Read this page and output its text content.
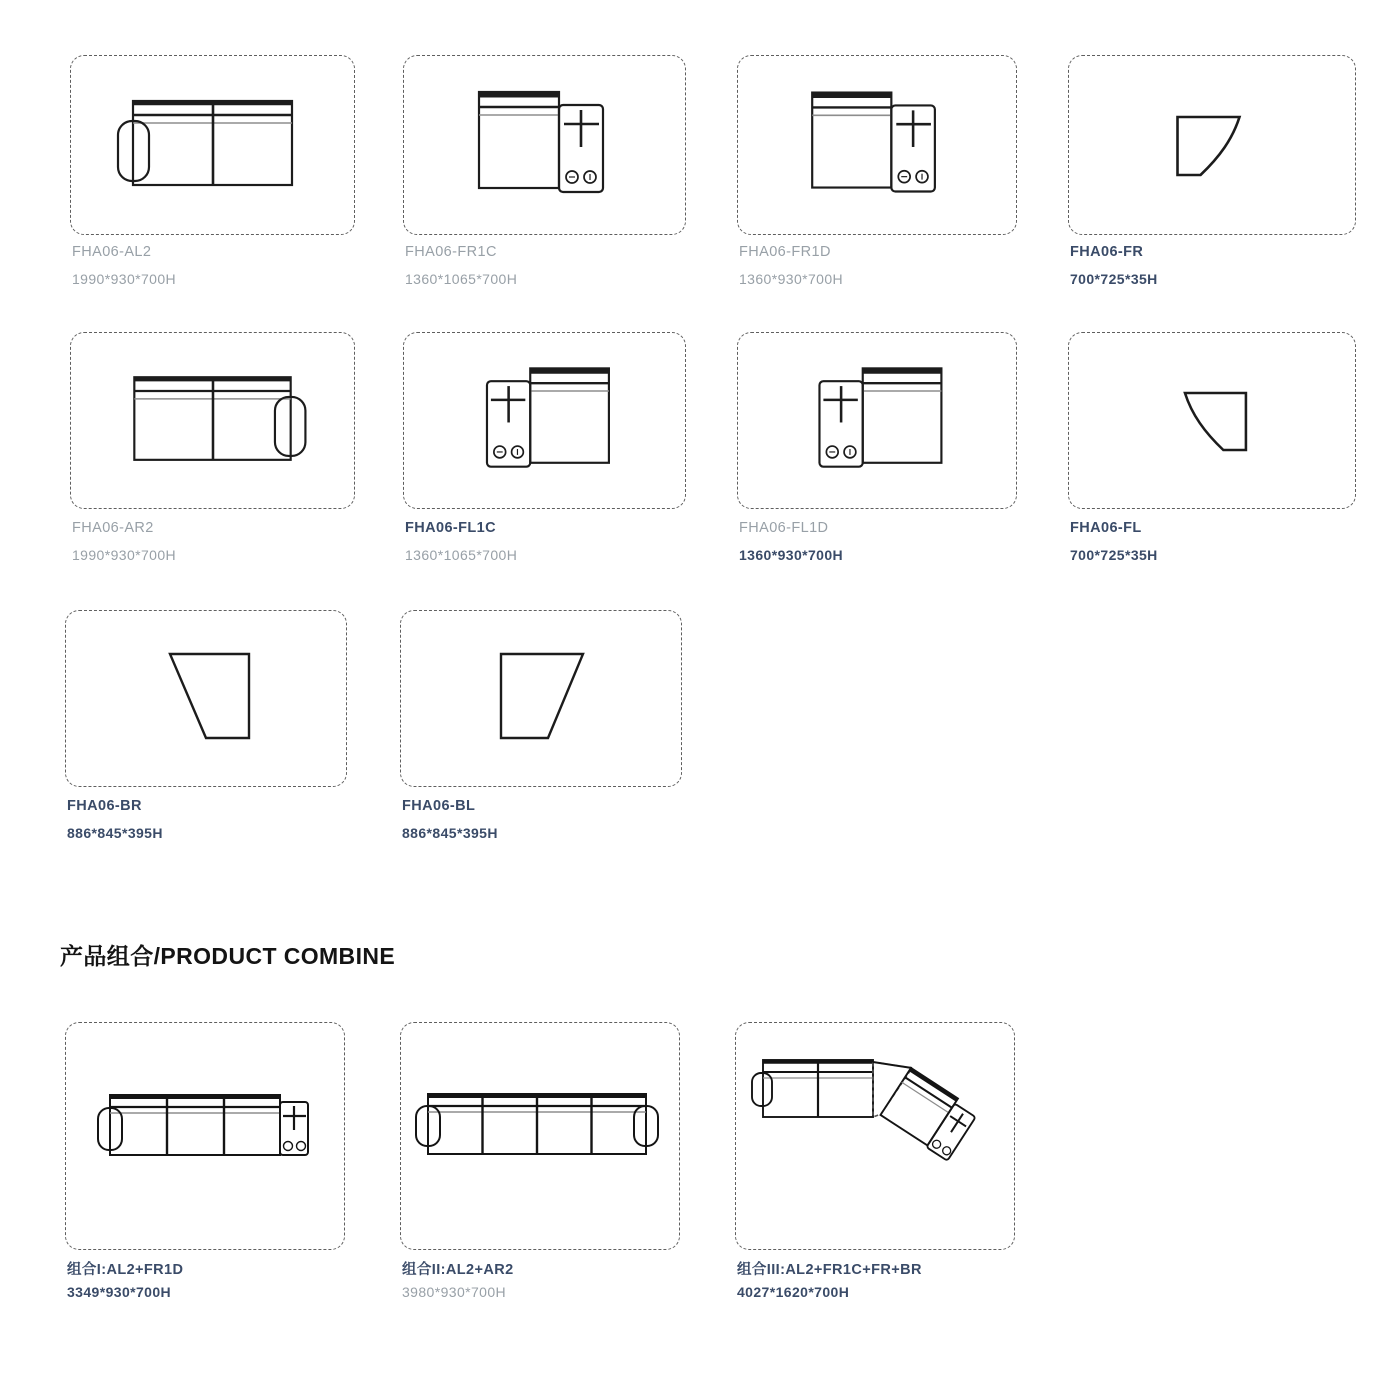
FHA06-AL2
1990*930*700H
FHA06-FR1C
1360*1065*700H
FHA06-FR1D
1360*930*700H
FHA06-FR
700*725*35H
FHA06-AR2
1990*930*700H
FHA06-FL1C
1360*1065*700H
FHA06-FL1D
1360*930*700H
FHA06-FL
700*725*35H
FHA06-BR
886*845*395H
FHA06-BL
886*845*395H
产品组合/PRODUCT COMBINE
组合I:AL2+FR1D
3349*930*700H
组合II:AL2+AR2
3980*930*700H
组合III:AL2+FR1C+FR+BR
4027*1620*700H
